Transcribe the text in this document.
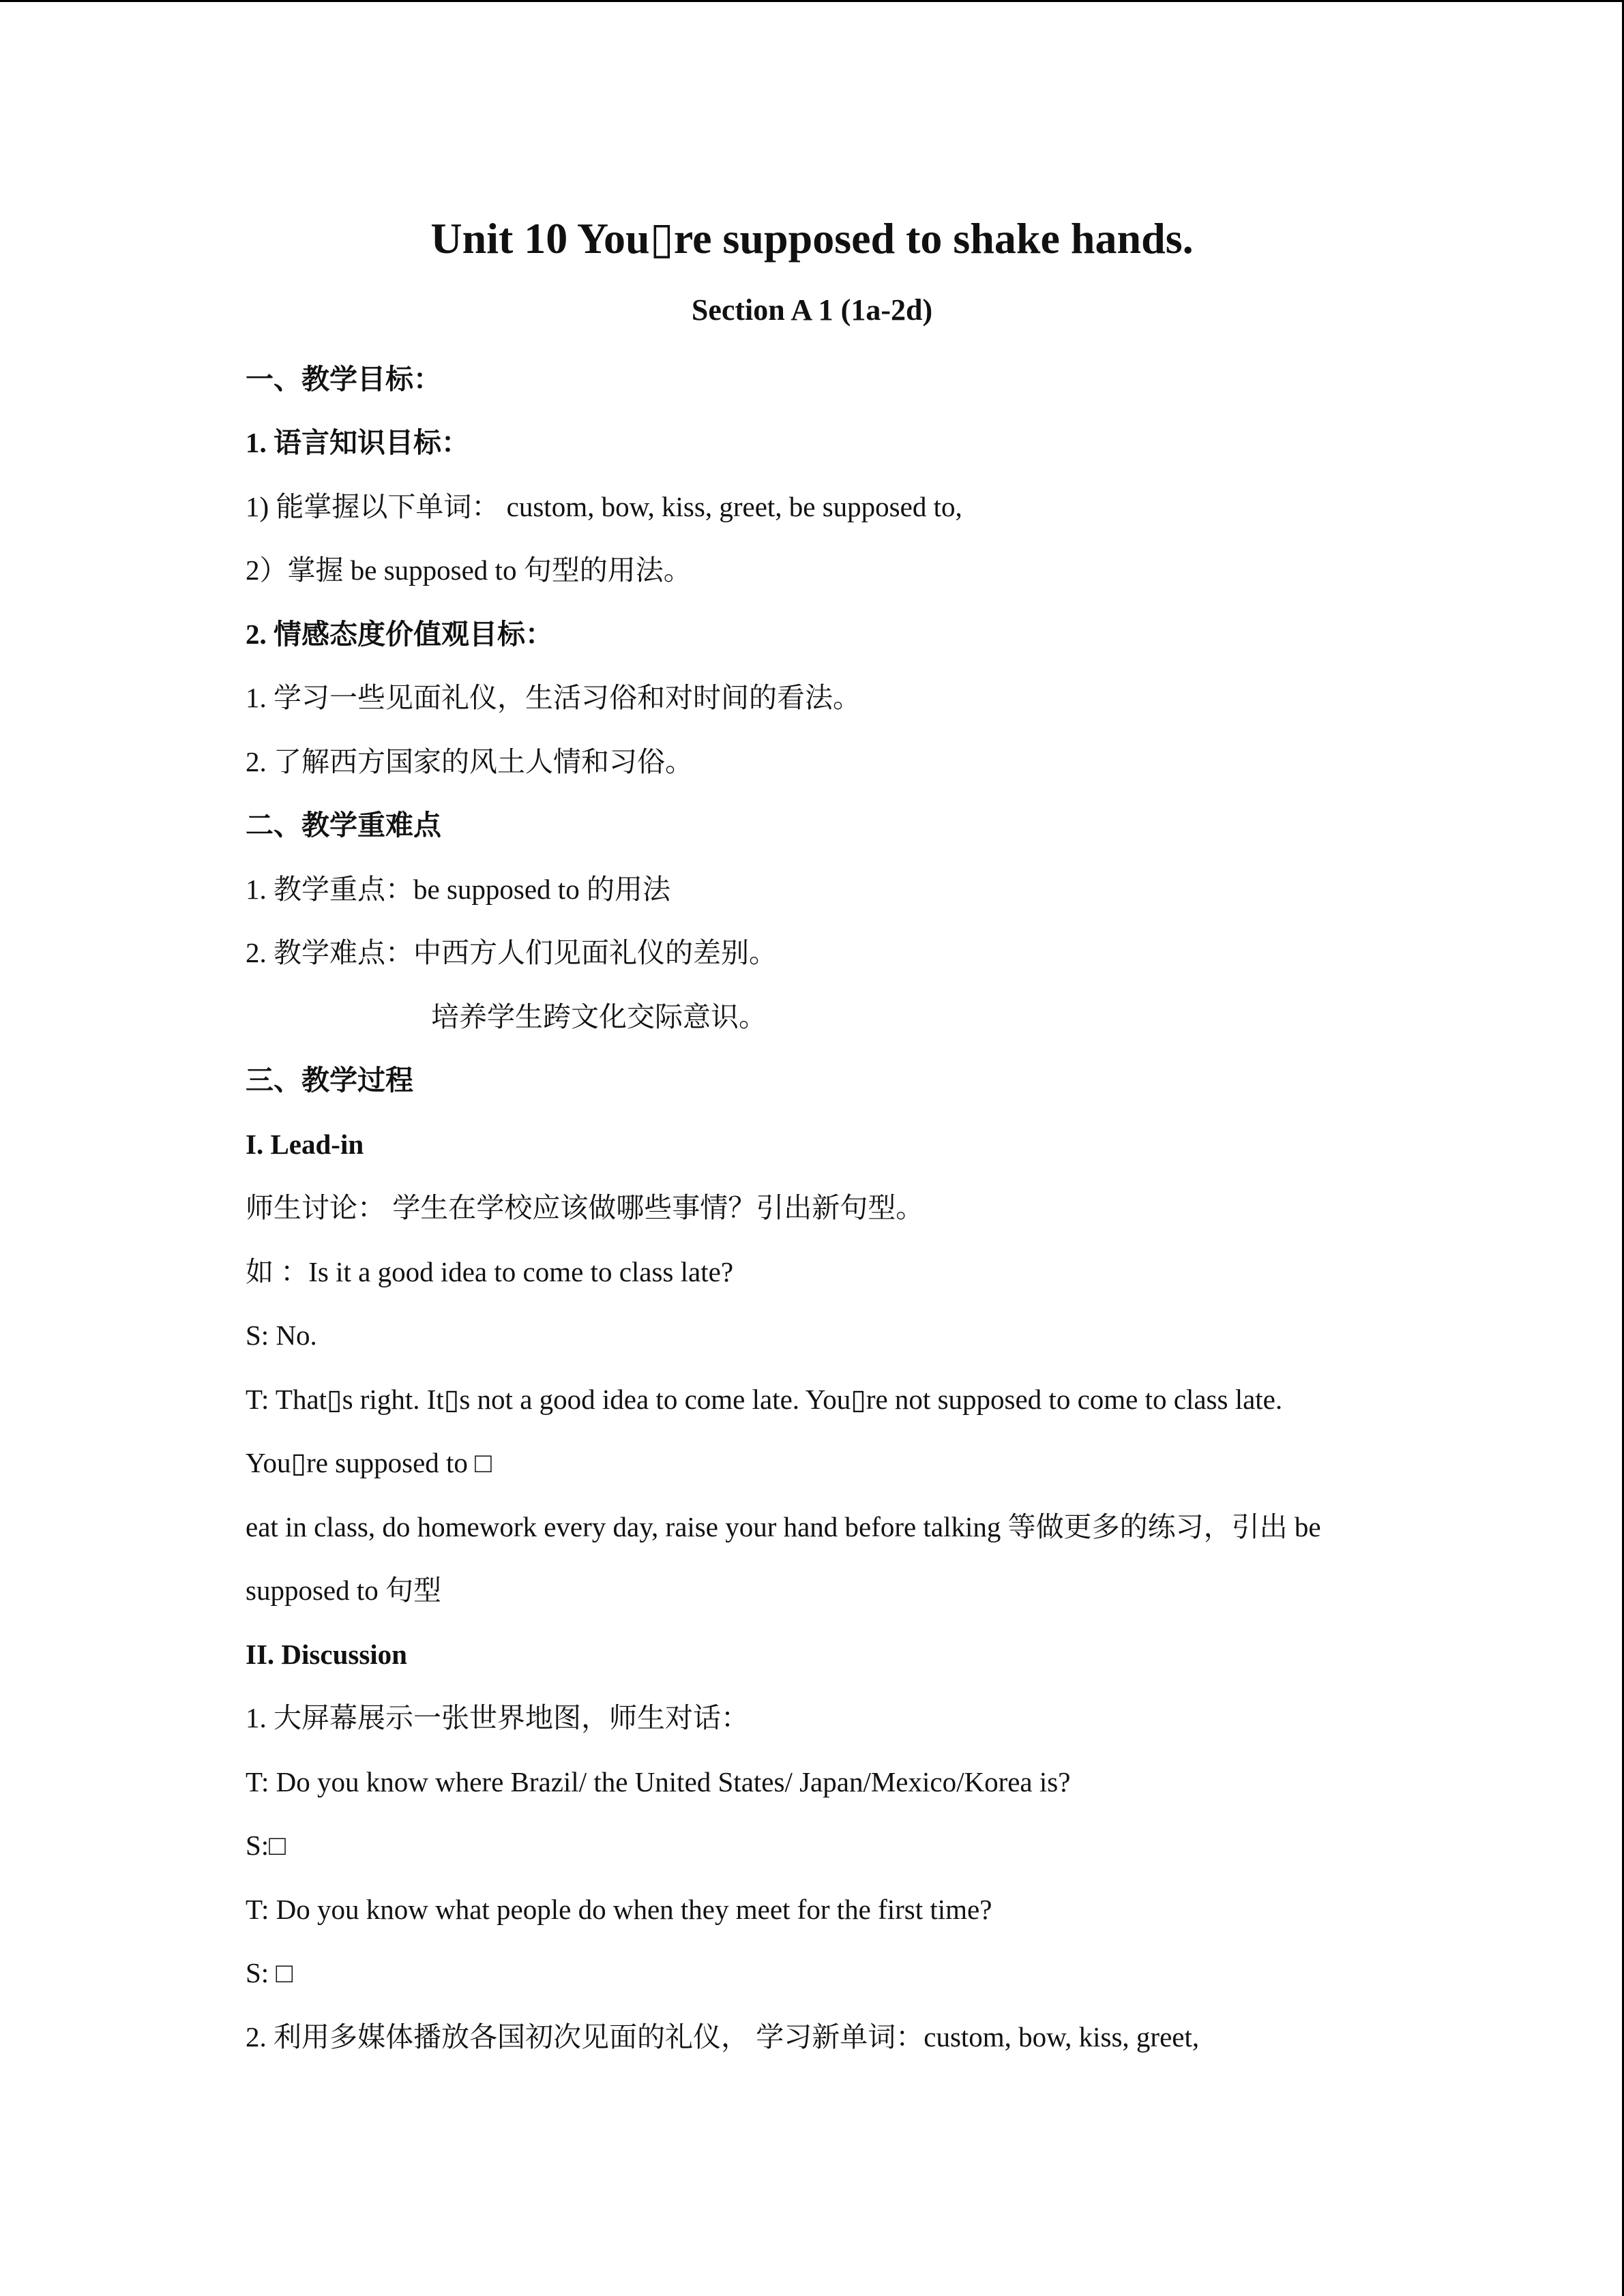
Unit 10 You▯re supposed to shake hands.
Section A 1 (1a-2d)
一、教学目标：
1. 语言知识目标：
1) 能掌握以下单词： custom, bow, kiss, greet, be supposed to,
2）掌握 be supposed to 句型的用法。
2. 情感态度价值观目标：
1. 学习一些见面礼仪，生活习俗和对时间的看法。
2. 了解西方国家的风土人情和习俗。
二、教学重难点
1. 教学重点：be supposed to 的用法
2. 教学难点：中西方人们见面礼仪的差别。
培养学生跨文化交际意识。
三、教学过程
I. Lead-in
师生讨论： 学生在学校应该做哪些事情？引出新句型。
如 ：Is it a good idea to come to class late?
S: No.
T: That▯s right. It▯s not a good idea to come late. You▯re not supposed to come to class late.
You▯re supposed to □
eat in class, do homework every day, raise your hand before talking 等做更多的练习，引出 be
supposed to 句型
II. Discussion
1. 大屏幕展示一张世界地图，师生对话：
T: Do you know where Brazil/ the United States/ Japan/Mexico/Korea is?
S:□
T: Do you know what people do when they meet for the first time?
S: □
2. 利用多媒体播放各国初次见面的礼仪， 学习新单词：custom, bow, kiss, greet,
